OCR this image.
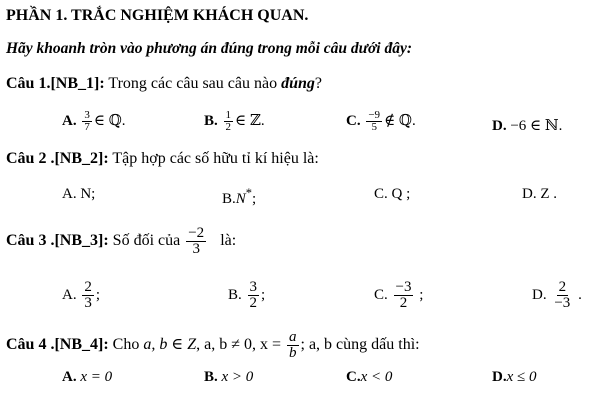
PHẦN 1. TRẮC NGHIỆM KHÁCH QUAN.
Hãy khoanh tròn vào phương án đúng trong mỗi câu dưới đây:
Câu 1.[NB_1]: Trong các câu sau câu nào đúng?
A. $\frac{3}{7}$ ∈ ℚ.	B. $\frac{1}{2}$ ∈ ℤ.	C. $\frac{-9}{5}$ ∉ ℚ.	D. −6 ∈ ℕ.
Câu 2 .[NB_2]: Tập hợp các số hữu tỉ kí hiệu là:
A. N;	B.N*;	C. Q ;	D. Z .
Câu 3 .[NB_3]: Số đối của $\frac{-2}{3}$ là:
A. $\frac{2}{3}$ ;	B. $\frac{3}{2}$ ;	C. $\frac{-3}{2}$ ;	D. $\frac{2}{-3}$ .
Câu 4 .[NB_4]: Cho a, b ∈ Z, a, b ≠ 0, $x = \frac{a}{b}$ ; a, b cùng dấu thì:
A. x = 0	B. x > 0	C.x < 0	D.x ≤ 0
